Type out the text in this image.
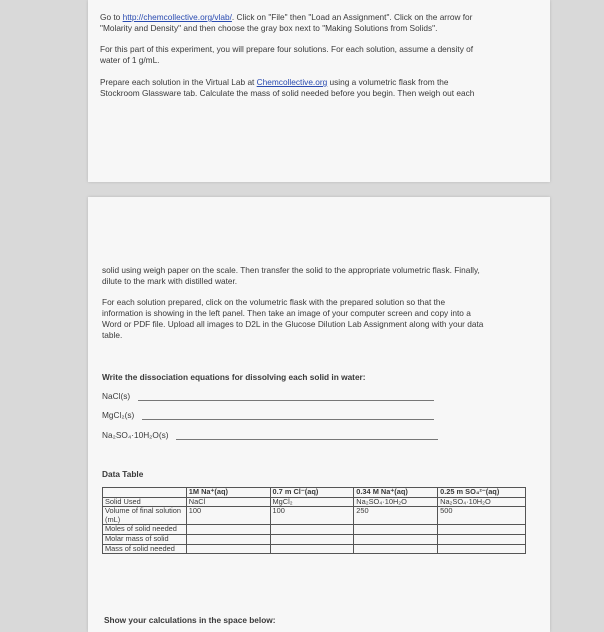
Go to http://chemcollective.org/vlab/. Click on "File" then "Load an Assignment". Click on the arrow for
"Molarity and Density" and then choose the gray box next to "Making Solutions from Solids".
For this part of this experiment, you will prepare four solutions. For each solution, assume a density of
water of 1 g/mL.
Prepare each solution in the Virtual Lab at Chemcollective.org using a volumetric flask from the
Stockroom Glassware tab. Calculate the mass of solid needed before you begin. Then weigh out each
solid using weigh paper on the scale. Then transfer the solid to the appropriate volumetric flask. Finally,
dilute to the mark with distilled water.
For each solution prepared, click on the volumetric flask with the prepared solution so that the
information is showing in the left panel. Then take an image of your computer screen and copy into a
Word or PDF file. Upload all images to D2L in the Glucose Dilution Lab Assignment along with your data
table.
Write the dissociation equations for dissolving each solid in water:
NaCl(s)
MgCl₂(s)
Na₂SO₄·10H₂O(s)
Data Table
	1M Na⁺(aq)	0.7 m Cl⁻(aq)	0.34 M Na⁺(aq)	0.25 m SO₄²⁻(aq)
Solid Used	NaCl	MgCl₂	Na₂SO₄·10H₂O	Na₂SO₄·10H₂O
Volume of final solution (mL)	100	100	250	500
Moles of solid needed				
Molar mass of solid				
Mass of solid needed				
Show your calculations in the space below:
